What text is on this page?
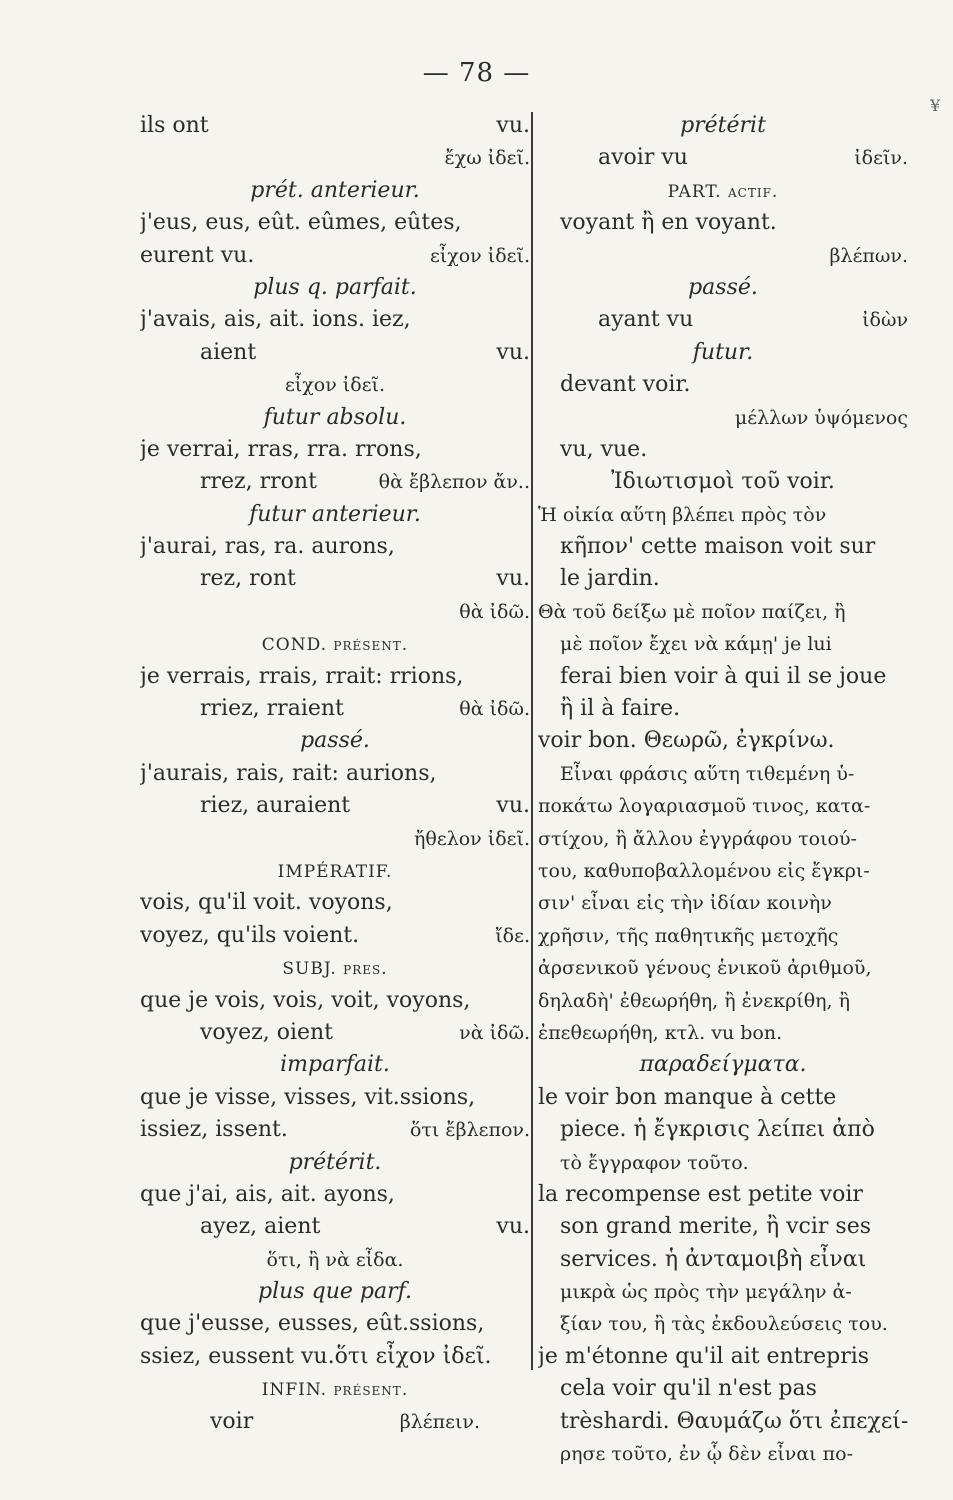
— 78 —
¥
ils ont	vu.
ἔχω ἰδεῖ.
prét. anterieur.
j'eus, eus, eût. eûmes, eûtes,
eurent vu.	εἶχον ἰδεῖ.
plus q. parfait.
j'avais, ais, ait. ions. iez,
aient	vu.
εἶχον ἰδεῖ.
futur absolu.
je verrai, rras, rra. rrons,
rrez, rront	θὰ ἔβλεπον ἄν..
futur anterieur.
j'aurai, ras, ra. aurons,
rez, ront	vu.
θὰ ἰδῶ.
COND. présent.
je verrais, rrais, rrait: rrions,
rriez, rraient	θὰ ἰδῶ.
passé.
j'aurais, rais, rait: aurions,
riez, auraient	vu.
ἤθελον ἰδεῖ.
IMPÉRATIF.
vois, qu'il voit. voyons,
voyez, qu'ils voient.	ἴδε.
SUBJ. pres.
que je vois, vois, voit, voyons,
voyez, oient	νὰ ἰδῶ.
imparfait.
que je visse, visses, vit.ssions,
issiez, issent.	ὅτι ἔβλεπον.
prétérit.
que j'ai, ais, ait. ayons,
ayez, aient	vu.
ὅτι, ἢ νὰ εἶδα.
plus que parf.
que j'eusse, eusses, eût.ssions,
ssiez, eussent vu.ὅτι εἶχον ἰδεῖ.
INFIN. présent.
voir	βλέπειν.
prétérit
avoir vu	ἰδεῖν.
PART. actif.
voyant ἢ en voyant.
βλέπων.
passé.
ayant vu	ἰδὼν
futur.
devant voir.
μέλλων ὑψόμενος
vu, vue.
Ἰδιωτισμοὶ τοῦ voir.
Ἡ οἰκία αὕτη βλέπει πρὸς τὸν
κῆπον' cette maison voit sur
le jardin.
Θὰ τοῦ δείξω μὲ ποῖον παίζει, ἢ
μὲ ποῖον ἔχει νὰ κάμῃ' je lui
ferai bien voir à qui il se joue
ἢ il à faire.
voir bon. Θεωρῶ, ἐγκρίνω.
Εἶναι φράσις αὕτη τιθεμένη ὑ-
ποκάτω λογαριασμοῦ τινος, κατα-
στίχου, ἢ ἄλλου ἐγγράφου τοιού-
του, καθυποβαλλομένου εἰς ἔγκρι-
σιν' εἶναι εἰς τὴν ἰδίαν κοινὴν
χρῆσιν, τῆς παθητικῆς μετοχῆς
ἀρσενικοῦ γένους ἑνικοῦ ἀριθμοῦ,
δηλαδὴ' ἐθεωρήθη, ἢ ἐνεκρίθη, ἢ
ἐπεθεωρήθη, κτλ. vu bon.
παραδείγματα.
le voir bon manque à cette
piece. ἡ ἔγκρισις λείπει ἀπὸ
τὸ ἔγγραφον τοῦτο.
la recompense est petite voir
son grand merite, ἢ vcir ses
services. ἡ ἀνταμοιβὴ εἶναι
μικρὰ ὡς πρὸς τὴν μεγάλην ἀ-
ξίαν του, ἢ τὰς ἐκδουλεύσεις του.
je m'étonne qu'il ait entrepris
cela voir qu'il n'est pas
trèshardi. Θαυμάζω ὅτι ἐπεχεί-
ρησε τοῦτο, ἐν ᾧ δὲν εἶναι πο-
